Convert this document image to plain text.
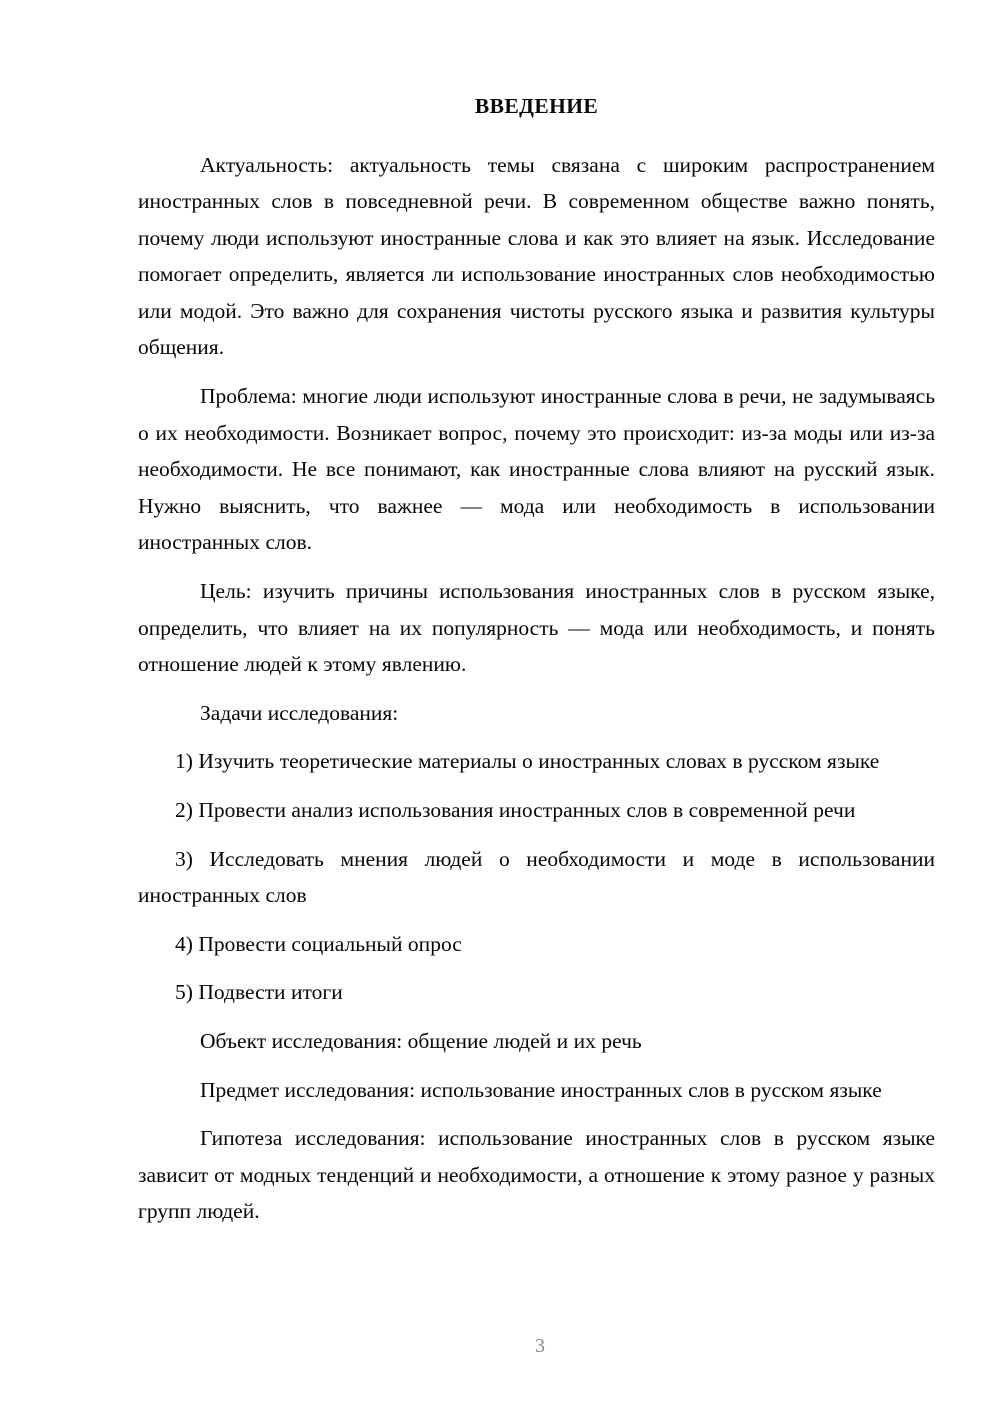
ВВЕДЕНИЕ

Актуальность: актуальность темы связана с широким распространением иностранных слов в повседневной речи. В современном обществе важно понять, почему люди используют иностранные слова и как это влияет на язык. Исследование помогает определить, является ли использование иностранных слов необходимостью или модой. Это важно для сохранения чистоты русского языка и развития культуры общения.

Проблема: многие люди используют иностранные слова в речи, не задумываясь о их необходимости. Возникает вопрос, почему это происходит: из-за моды или из-за необходимости. Не все понимают, как иностранные слова влияют на русский язык. Нужно выяснить, что важнее — мода или необходимость в использовании иностранных слов.

Цель: изучить причины использования иностранных слов в русском языке, определить, что влияет на их популярность — мода или необходимость, и понять отношение людей к этому явлению.

Задачи исследования:

1) Изучить теоретические материалы о иностранных словах в русском языке

2) Провести анализ использования иностранных слов в современной речи

3) Исследовать мнения людей о необходимости и моде в использовании иностранных слов

4) Провести социальный опрос

5) Подвести итоги

Объект исследования: общение людей и их речь

Предмет исследования: использование иностранных слов в русском языке

Гипотеза исследования: использование иностранных слов в русском языке зависит от модных тенденций и необходимости, а отношение к этому разное у разных групп людей.

3
